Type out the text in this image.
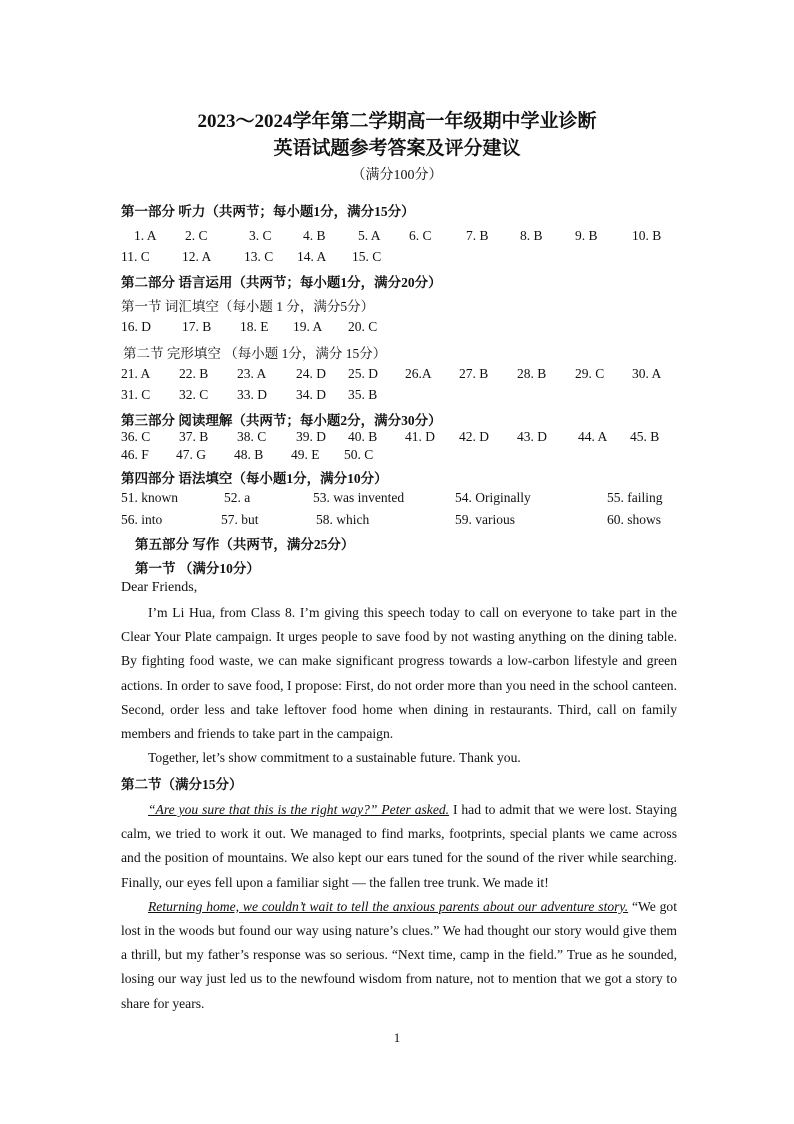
2023～2024学年第二学期高一年级期中学业诊断
英语试题参考答案及评分建议
（满分100分）
第一部分 听力（共两节；每小题1分，满分15分）
1. A 2. C	3. C 4. B 5. A 6. C	7. B 8. B 9. B	10. B
11. C 12. A 13. C 14. A 15. C
第二部分 语言运用（共两节；每小题1分，满分20分）
第一节 词汇填空（每小题 1 分，满分5分）
16. D 17. B 18. E 19. A 20. C
第二节 完形填空 （每小题 1分，满分 15分）
21. A 22. B 23. A 24. D 25. D 26.A 27. B 28. B 29. C 30. A
31. C 32. C 33. D 34. D 35. B
第三部分 阅读理解（共两节；每小题2分，满分30分）
36. C 37. B 38. C 39. D 40. B 41. D 42. D 43. D 44. A 45. B
46. F 47. G 48. B 49. E 50. C
第四部分 语法填空（每小题1分，满分10分）
51. known	52. a	53. was invented	54. Originally	55. failing
56. into	57. but	58. which	59. various	60. shows
第五部分 写作（共两节，满分25分）
第一节 （满分10分）
Dear Friends,

I’m Li Hua, from Class 8. I’m giving this speech today to call on everyone to take part in the Clear Your Plate campaign. It urges people to save food by not wasting anything on the dining table. By fighting food waste, we can make significant progress towards a low-carbon lifestyle and green actions. In order to save food, I propose: First, do not order more than you need in the school canteen. Second, order less and take leftover food home when dining in restaurants. Third, call on family members and friends to take part in the campaign.

Together, let’s show commitment to a sustainable future. Thank you.

第二节（满分15分）

“Are you sure that this is the right way?” Peter asked. I had to admit that we were lost. Staying calm, we tried to work it out. We managed to find marks, footprints, special plants we came across and the position of mountains. We also kept our ears tuned for the sound of the river while searching. Finally, our eyes fell upon a familiar sight — the fallen tree trunk. We made it!

Returning home, we couldn’t wait to tell the anxious parents about our adventure story. “We got lost in the woods but found our way using nature’s clues.” We had thought our story would give them a thrill, but my father’s response was so serious. “Next time, camp in the field.” True as he sounded, losing our way just led us to the newfound wisdom from nature, not to mention that we got a story to share for years.

1
